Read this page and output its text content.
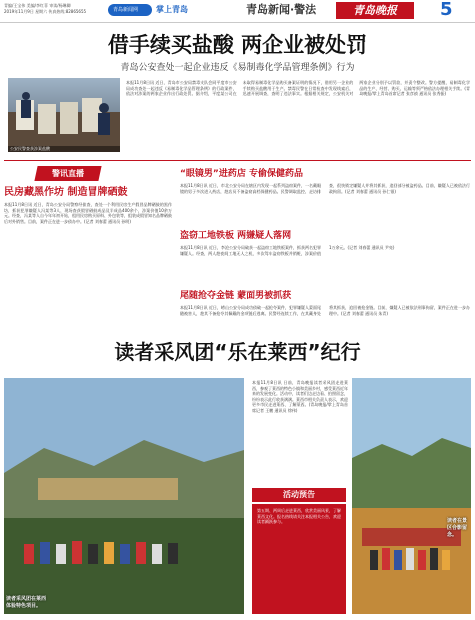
青编/王宝伟 美编/李红菲 审读/杨琳卿
2019年11月9日 星期六 传真热线:82865655	青岛新闻网	掌上青岛	青岛新闻·警法	青岛晚报	5
借手续买盐酸 两企业被处罚
青岛公安查处一起企业违反《易制毒化学品管理条例》行为
公安民警查获涉案盐酸
本报11月8日讯 近日，青岛市公安局禁毒支队会同平度市公安局成功查处一起违反《易制毒化学品管理条例》的行政案件，依法对涉案的两家企业作出行政处罚。据介绍，平度某公司在未取得易制毒化学品购买备案证明的情况下，借用另一企业的手续购买盐酸用于生产。禁毒民警在日常检查中发现线索后，迅速开展调查，查明了违法事实。根据相关规定，公安机关对两家企业分别予以罚款，并责令整改。警方提醒，易制毒化学品的生产、经营、购买、运输等须严格依法办理相关手续。(青岛晚报/掌上青岛首席记者 张彦祯 通讯员 张秀振)
警讯直播
民房藏黑作坊 制造冒牌硒鼓
本报11月8日讯 近日，青岛公安分局警察经侦查，查处一个利用民房生产假冒品牌硒鼓的黑作坊，抓获犯罪嫌疑人冯某等3人，现场查获假冒硒鼓成品及半成品400余个，涉案价值10余万元。经查，冯某等人自今年年初开始，租用民房购买原料、外包装等，组装成假冒知名品牌硒鼓后对外销售。目前，案件正在进一步侦办中。(记者 刘春蕾 通讯员 孙明)
“眼镜男”进药店 专偷保健药品
本报11月8日讯 近日，市北公安分局在辖区内发现一起系列盗窃案件，一名戴眼镜的男子多次进入药店，趁店员不备盗窃高档保健药品。民警调取监控、走访排查，很快锁定嫌疑人并将其抓获，追回部分被盗药品。目前，嫌疑人已被依法行政拘留。(记者 刘春蕾 通讯员 孙仁银)
盗窃工地铁板 两嫌疑人落网
本报11月8日讯 近日，李沧公安分局破获一起盗窃工地铁板案件，抓获两名犯罪嫌疑人。经查，两人趁夜间工地无人之机，多次驾车盗窃铁板并销赃，涉案价值1万余元。(记者 刘春蕾 通讯员 尹亮)
尾随抢夺金链 蒙面男被抓获
本报11月8日讯 近日，崂山公安分局成功侦破一起抢夺案件，犯罪嫌疑人蒙面尾随被害人，趁其不备抢夺其佩戴的金项链后逃离。民警经连续工作，在其藏身处将其抓获，追回被抢金链。目前，嫌疑人已被依法刑事拘留，案件正在进一步办理中。(记者 刘春蕾 通讯员 朱青)
读者采风团“乐在莱西”纪行
读者采风团在莱西体验特色项目。
本报11月8日讯 日前，青岛晚报读者采风团走进莱西，参观了莱西的特色小镇和美丽乡村，感受莱西近年来的发展变化。活动中，读者们边走边看、拍照留念，纷纷表示此行收获满满。莱西市相关负责人表示，欢迎更多市民走进莱西、了解莱西。(青岛晚报/掌上青岛首席记者 王鹏 通讯员 徐伟)
活动预告
第五期、两周后走进莱西，欣赏美丽风景，了解莱西文化。报名热线请关注本报相关公告，欢迎读者踊跃参与。	读者在景区合影留念。
